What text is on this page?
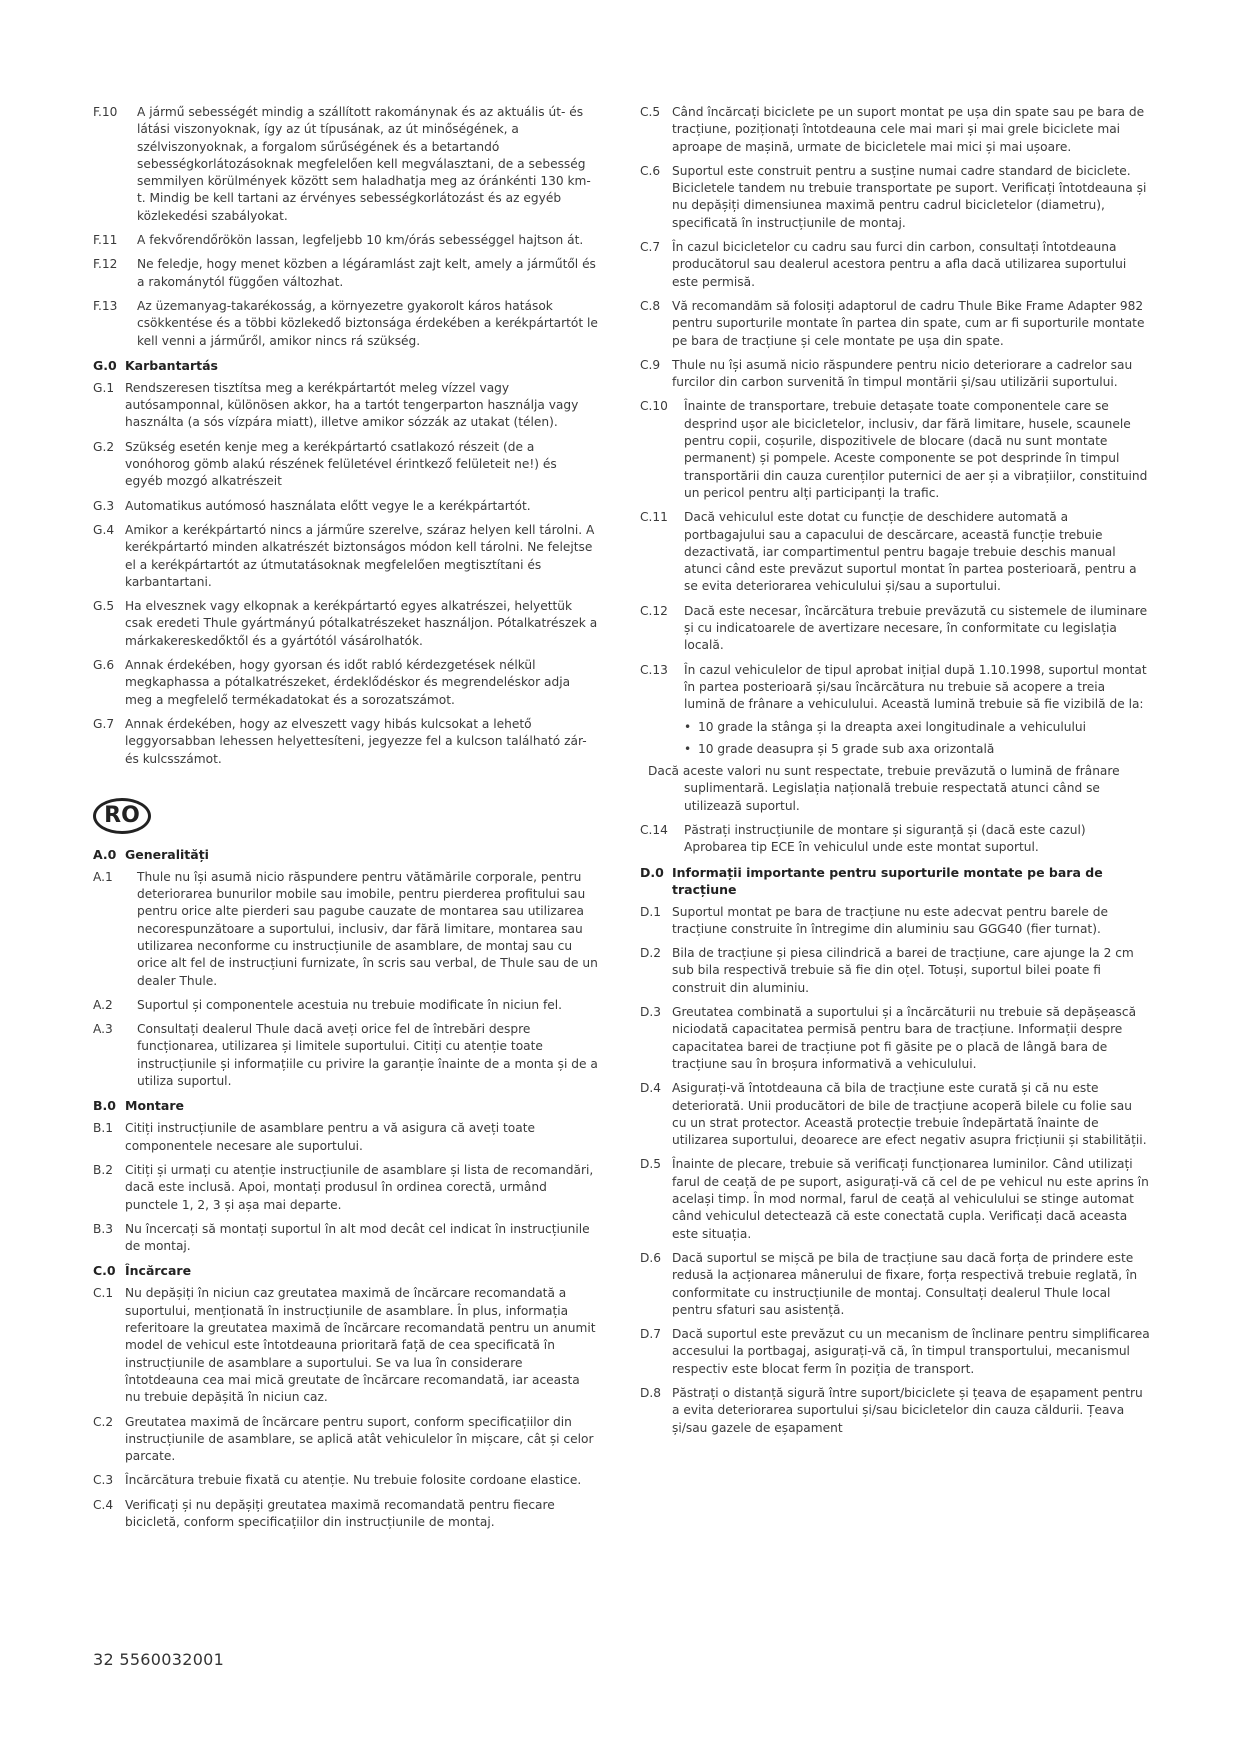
F.10 A jármű sebességét mindig a szállított rakománynak és az aktuális út- és látási viszonyoknak, így az út típusának, az út minőségének, a szélviszonyoknak, a forgalom sűrűségének és a betartandó sebességkorlátozásoknak megfelelően kell megválasztani, de a sebesség semmilyen körülmények között sem haladhatja meg az óránkénti 130 km-t. Mindig be kell tartani az érvényes sebességkorlátozást és az egyéb közlekedési szabályokat.
F.11 A fekvőrendőrökön lassan, legfeljebb 10 km/órás sebességgel hajtson át.
F.12 Ne feledje, hogy menet közben a légáramlást zajt kelt, amely a járműtől és a rakománytól függően változhat.
F.13 Az üzemanyag-takarékosság, a környezetre gyakorolt káros hatások csökkentése és a többi közlekedő biztonsága érdekében a kerékpártartót le kell venni a járműről, amikor nincs rá szükség.
G.0 Karbantartás
G.1 Rendszeresen tisztítsa meg a kerékpártartót meleg vízzel vagy autósamponnal, különösen akkor, ha a tartót tengerparton használja vagy használta (a sós vízpára miatt), illetve amikor sózzák az utakat (télen).
G.2 Szükség esetén kenje meg a kerékpártartó csatlakozó részeit (de a vonóhorog gömb alakú részének felületével érintkező felületeit ne!) és egyéb mozgó alkatrészeit
G.3 Automatikus autómosó használata előtt vegye le a kerékpártartót.
G.4 Amikor a kerékpártartó nincs a járműre szerelve, száraz helyen kell tárolni. A kerékpártartó minden alkatrészét biztonságos módon kell tárolni. Ne felejtse el a kerékpártartót az útmutatásoknak megfelelően megtisztítani és karbantartani.
G.5 Ha elvesznek vagy elkopnak a kerékpártartó egyes alkatrészei, helyettük csak eredeti Thule gyártmányú pótalkatrészeket használjon. Pótalkatrészek a márkakereskedőktől és a gyártótól vásárolhatók.
G.6 Annak érdekében, hogy gyorsan és időt rabló kérdezgetések nélkül megkaphassa a pótalkatrészeket, érdeklődéskor és megrendeléskor adja meg a megfelelő termékadatokat és a sorozatszámot.
G.7 Annak érdekében, hogy az elveszett vagy hibás kulcsokat a lehető leggyorsabban lehessen helyettesíteni, jegyezze fel a kulcson található zár- és kulcsszámot.
RO
A.0 Generalități
A.1 Thule nu își asumă nicio răspundere pentru vătămările corporale, pentru deteriorarea bunurilor mobile sau imobile, pentru pierderea profitului sau pentru orice alte pierderi sau pagube cauzate de montarea sau utilizarea necorespunzătoare a suportului, inclusiv, dar fără limitare, montarea sau utilizarea neconforme cu instrucțiunile de asamblare, de montaj sau cu orice alt fel de instrucțiuni furnizate, în scris sau verbal, de Thule sau de un dealer Thule.
A.2 Suportul și componentele acestuia nu trebuie modificate în niciun fel.
A.3 Consultați dealerul Thule dacă aveți orice fel de întrebări despre funcționarea, utilizarea și limitele suportului. Citiți cu atenție toate instrucțiunile și informațiile cu privire la garanție înainte de a monta și de a utiliza suportul.
B.0 Montare
B.1 Citiți instrucțiunile de asamblare pentru a vă asigura că aveți toate componentele necesare ale suportului.
B.2 Citiți și urmați cu atenție instrucțiunile de asamblare și lista de recomandări, dacă este inclusă. Apoi, montați produsul în ordinea corectă, urmând punctele 1, 2, 3 și așa mai departe.
B.3 Nu încercați să montați suportul în alt mod decât cel indicat în instrucțiunile de montaj.
C.0 Încărcare
C.1 Nu depășiți în niciun caz greutatea maximă de încărcare recomandată a suportului, menționată în instrucțiunile de asamblare. În plus, informația referitoare la greutatea maximă de încărcare recomandată pentru un anumit model de vehicul este întotdeauna prioritară față de cea specificată în instrucțiunile de asamblare a suportului. Se va lua în considerare întotdeauna cea mai mică greutate de încărcare recomandată, iar aceasta nu trebuie depășită în niciun caz.
C.2 Greutatea maximă de încărcare pentru suport, conform specificațiilor din instrucțiunile de asamblare, se aplică atât vehiculelor în mișcare, cât și celor parcate.
C.3 Încărcătura trebuie fixată cu atenție. Nu trebuie folosite cordoane elastice.
C.4 Verificați și nu depășiți greutatea maximă recomandată pentru fiecare bicicletă, conform specificațiilor din instrucțiunile de montaj.
C.5 Când încărcați biciclete pe un suport montat pe ușa din spate sau pe bara de tracțiune, poziționați întotdeauna cele mai mari și mai grele biciclete mai aproape de mașină, urmate de bicicletele mai mici și mai ușoare.
C.6 Suportul este construit pentru a susține numai cadre standard de biciclete. Bicicletele tandem nu trebuie transportate pe suport. Verificați întotdeauna și nu depășiți dimensiunea maximă pentru cadrul bicicletelor (diametru), specificată în instrucțiunile de montaj.
C.7 În cazul bicicletelor cu cadru sau furci din carbon, consultați întotdeauna producătorul sau dealerul acestora pentru a afla dacă utilizarea suportului este permisă.
C.8 Vă recomandăm să folosiți adaptorul de cadru Thule Bike Frame Adapter 982 pentru suporturile montate în partea din spate, cum ar fi suporturile montate pe bara de tracțiune și cele montate pe ușa din spate.
C.9 Thule nu își asumă nicio răspundere pentru nicio deteriorare a cadrelor sau furcilor din carbon survenită în timpul montării și/sau utilizării suportului.
C.10 Înainte de transportare, trebuie detașate toate componentele care se desprind ușor ale bicicletelor, inclusiv, dar fără limitare, husele, scaunele pentru copii, coșurile, dispozitivele de blocare (dacă nu sunt montate permanent) și pompele. Aceste componente se pot desprinde în timpul transportării din cauza curenților puternici de aer și a vibrațiilor, constituind un pericol pentru alți participanți la trafic.
C.11 Dacă vehiculul este dotat cu funcție de deschidere automată a portbagajului sau a capacului de descărcare, această funcție trebuie dezactivată, iar compartimentul pentru bagaje trebuie deschis manual atunci când este prevăzut suportul montat în partea posterioară, pentru a se evita deteriorarea vehiculului și/sau a suportului.
C.12 Dacă este necesar, încărcătura trebuie prevăzută cu sistemele de iluminare și cu indicatoarele de avertizare necesare, în conformitate cu legislația locală.
C.13 În cazul vehiculelor de tipul aprobat inițial după 1.10.1998, suportul montat în partea posterioară și/sau încărcătura nu trebuie să acopere a treia lumină de frânare a vehiculului. Această lumină trebuie să fie vizibilă de la:
• 10 grade la stânga și la dreapta axei longitudinale a vehiculului
• 10 grade deasupra și 5 grade sub axa orizontală
Dacă aceste valori nu sunt respectate, trebuie prevăzută o lumină de frânare suplimentară. Legislația națională trebuie respectată atunci când se utilizează suportul.
C.14 Păstrați instrucțiunile de montare și siguranță și (dacă este cazul) Aprobarea tip ECE în vehiculul unde este montat suportul.
D.0 Informații importante pentru suporturile montate pe bara de tracțiune
D.1 Suportul montat pe bara de tracțiune nu este adecvat pentru barele de tracțiune construite în întregime din aluminiu sau GGG40 (fier turnat).
D.2 Bila de tracțiune și piesa cilindrică a barei de tracțiune, care ajunge la 2 cm sub bila respectivă trebuie să fie din oțel. Totuși, suportul bilei poate fi construit din aluminiu.
D.3 Greutatea combinată a suportului și a încărcăturii nu trebuie să depășească niciodată capacitatea permisă pentru bara de tracțiune. Informații despre capacitatea barei de tracțiune pot fi găsite pe o placă de lângă bara de tracțiune sau în broșura informativă a vehiculului.
D.4 Asigurați-vă întotdeauna că bila de tracțiune este curată și că nu este deteriorată. Unii producători de bile de tracțiune acoperă bilele cu folie sau cu un strat protector. Această protecție trebuie îndepărtată înainte de utilizarea suportului, deoarece are efect negativ asupra fricțiunii și stabilității.
D.5 Înainte de plecare, trebuie să verificați funcționarea luminilor. Când utilizați farul de ceață de pe suport, asigurați-vă că cel de pe vehicul nu este aprins în același timp. În mod normal, farul de ceață al vehiculului se stinge automat când vehiculul detectează că este conectată cupla. Verificați dacă aceasta este situația.
D.6 Dacă suportul se mișcă pe bila de tracțiune sau dacă forța de prindere este redusă la acționarea mânerului de fixare, forța respectivă trebuie reglată, în conformitate cu instrucțiunile de montaj. Consultați dealerul Thule local pentru sfaturi sau asistență.
D.7 Dacă suportul este prevăzut cu un mecanism de înclinare pentru simplificarea accesului la portbagaj, asigurați-vă că, în timpul transportului, mecanismul respectiv este blocat ferm în poziția de transport.
D.8 Păstrați o distanță sigură între suport/biciclete și țeava de eșapament pentru a evita deteriorarea suportului și/sau bicicletelor din cauza căldurii. Țeava și/sau gazele de eșapament
32 5560032001
